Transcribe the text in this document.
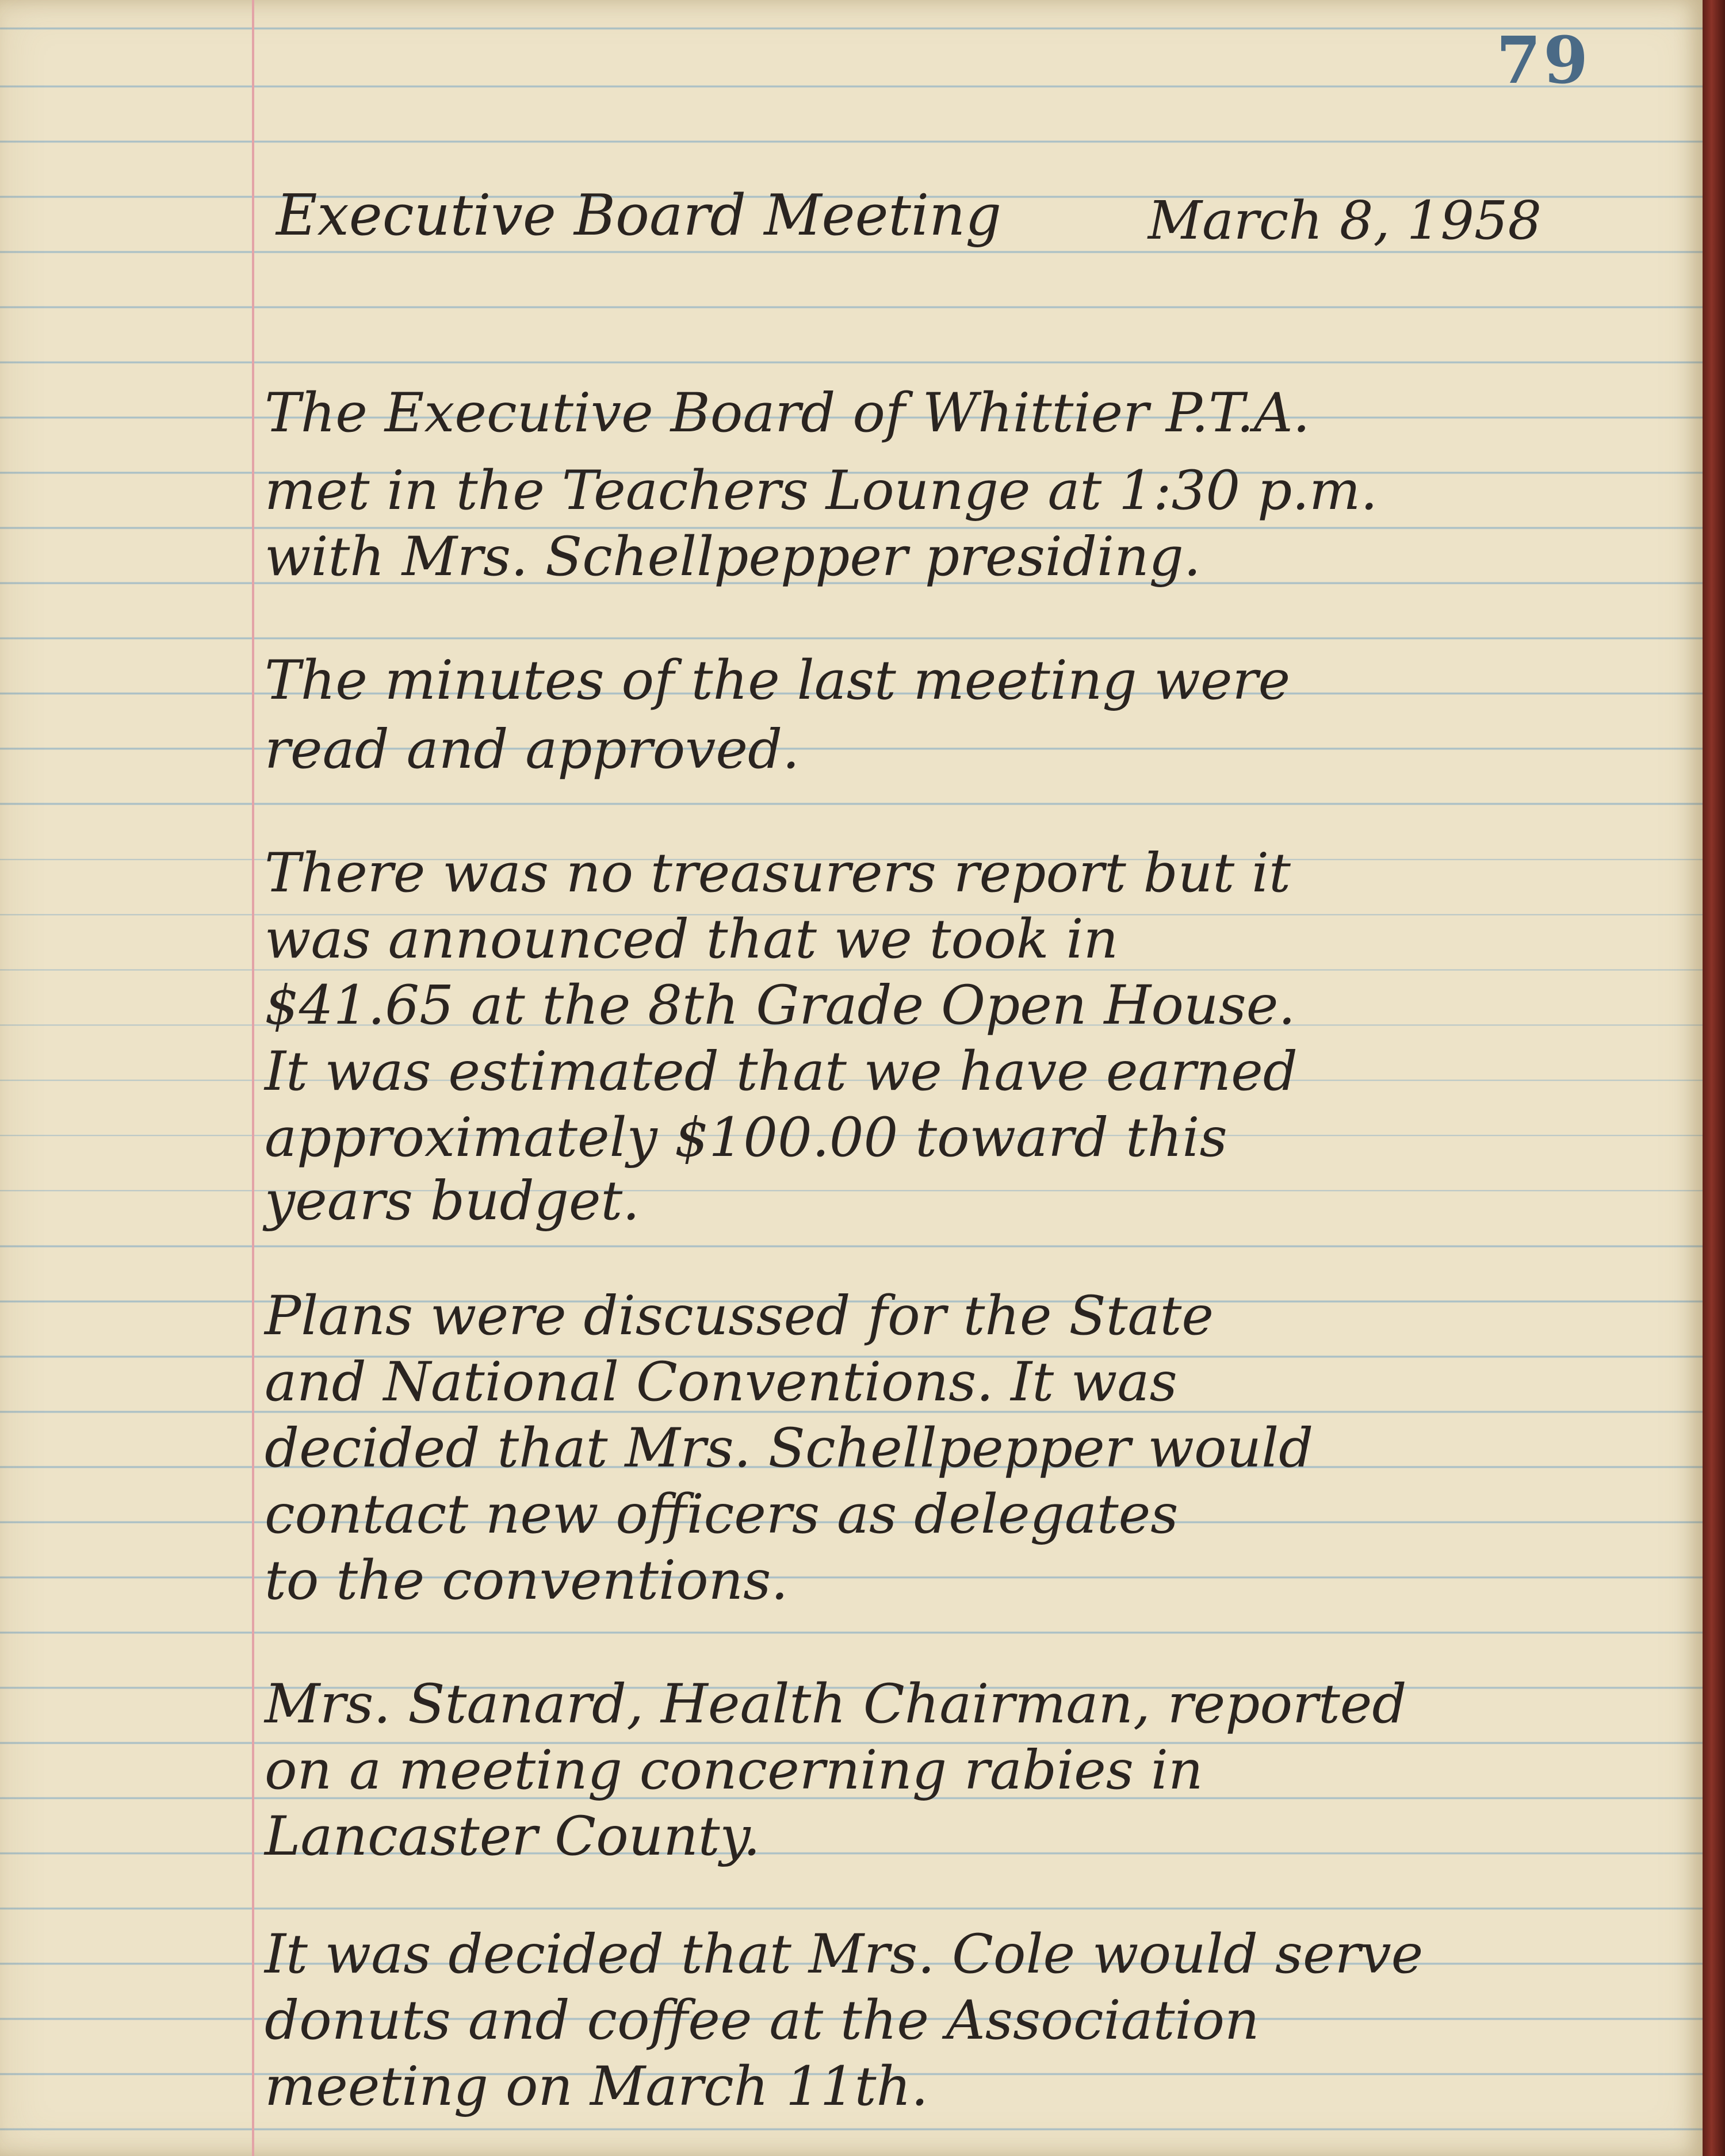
79
Executive Board Meeting	March 8, 1958
The Executive Board of Whittier P.T.A.
met in the Teachers Lounge at 1:30 p.m.
with Mrs. Schellpepper presiding.
The minutes of the last meeting were
read and approved.
There was no treasurers report but it
was announced that we took in
$41.65 at the 8th Grade Open House.
It was estimated that we have earned
approximately $100.00 toward this
years budget.
Plans were discussed for the State
and National Conventions. It was
decided that Mrs. Schellpepper would
contact new officers as delegates
to the conventions.
Mrs. Stanard, Health Chairman, reported
on a meeting concerning rabies in
Lancaster County.
It was decided that Mrs. Cole would serve
donuts and coffee at the Association
meeting on March 11th.
